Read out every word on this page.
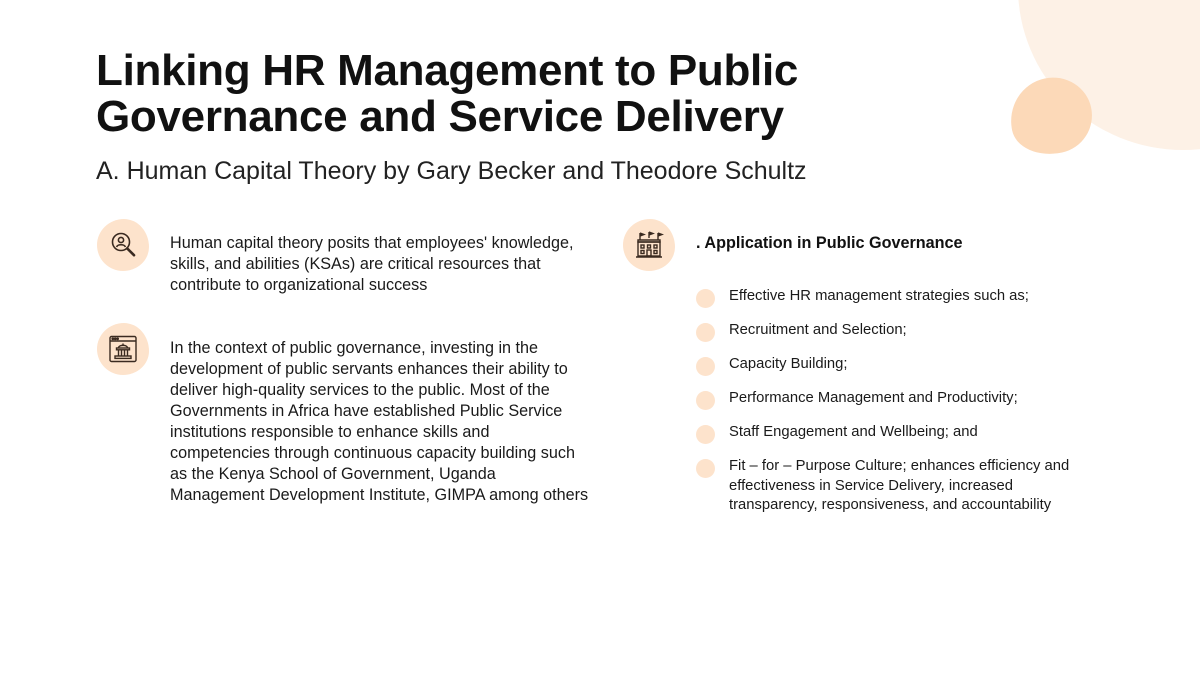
Linking HR Management to Public Governance and Service Delivery
A. Human Capital Theory by Gary Becker and Theodore Schultz

Human capital theory posits that employees' knowledge, skills, and abilities (KSAs) are critical resources that contribute to organizational success

In the context of public governance, investing in the development of public servants enhances their ability to deliver high-quality services to the public. Most of the Governments in Africa have established Public Service institutions responsible to enhance skills and competencies through continuous capacity building such as the Kenya School of Government, Uganda Management Development Institute, GIMPA among others

. Application in Public Governance
Effective HR management strategies such as;
Recruitment and Selection;
Capacity Building;
Performance Management and Productivity;
Staff Engagement and Wellbeing; and
Fit – for – Purpose Culture; enhances efficiency and effectiveness in Service Delivery, increased transparency, responsiveness, and accountability
